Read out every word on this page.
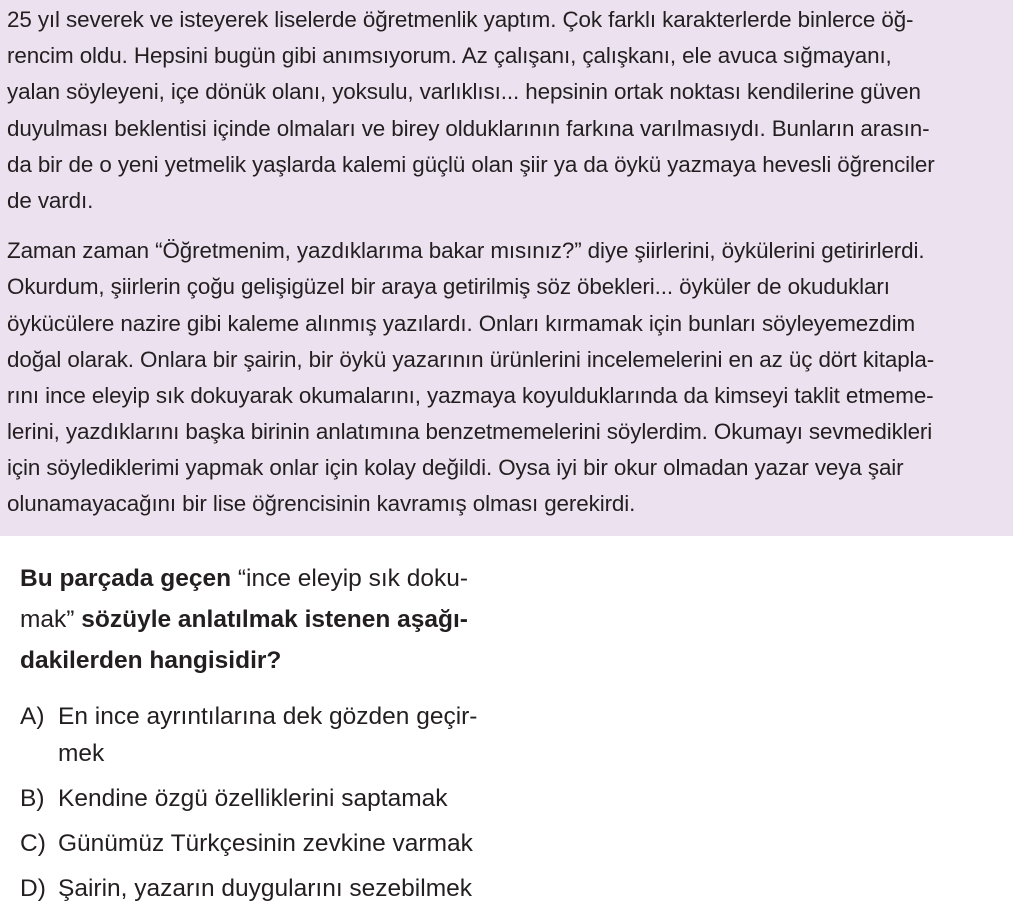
25 yıl severek ve isteyerek liselerde öğretmenlik yaptım. Çok farklı karakterlerde binlerce öğ-
rencim oldu. Hepsini bugün gibi anımsıyorum. Az çalışanı, çalışkanı, ele avuca sığmayanı,
yalan söyleyeni, içe dönük olanı, yoksulu, varlıklısı... hepsinin ortak noktası kendilerine güven
duyulması beklentisi içinde olmaları ve birey olduklarının farkına varılmasıydı. Bunların arasın-
da bir de o yeni yetmelik yaşlarda kalemi güçlü olan şiir ya da öykü yazmaya hevesli öğrenciler
de vardı.
Zaman zaman “Öğretmenim, yazdıklarıma bakar mısınız?” diye şiirlerini, öykülerini getirirlerdi.
Okurdum, şiirlerin çoğu gelişigüzel bir araya getirilmiş söz öbekleri... öyküler de okudukları
öykücülere nazire gibi kaleme alınmış yazılardı. Onları kırmamak için bunları söyleyemezdim
doğal olarak. Onlara bir şairin, bir öykü yazarının ürünlerini incelemelerini en az üç dört kitapla-
rını ince eleyip sık dokuyarak okumalarını, yazmaya koyulduklarında da kimseyi taklit etmeme-
lerini, yazdıklarını başka birinin anlatımına benzetmemelerini söylerdim. Okumayı sevmedikleri
için söylediklerimi yapmak onlar için kolay değildi. Oysa iyi bir okur olmadan yazar veya şair
olunamayacağını bir lise öğrencisinin kavramış olması gerekirdi.
Bu parçada geçen “ince eleyip sık doku-
mak” sözüyle anlatılmak istenen aşağı-
dakilerden hangisidir?
A) En ince ayrıntılarına dek gözden geçir-
mek
B) Kendine özgü özelliklerini saptamak
C) Günümüz Türkçesinin zevkine varmak
D) Şairin, yazarın duygularını sezebilmek
